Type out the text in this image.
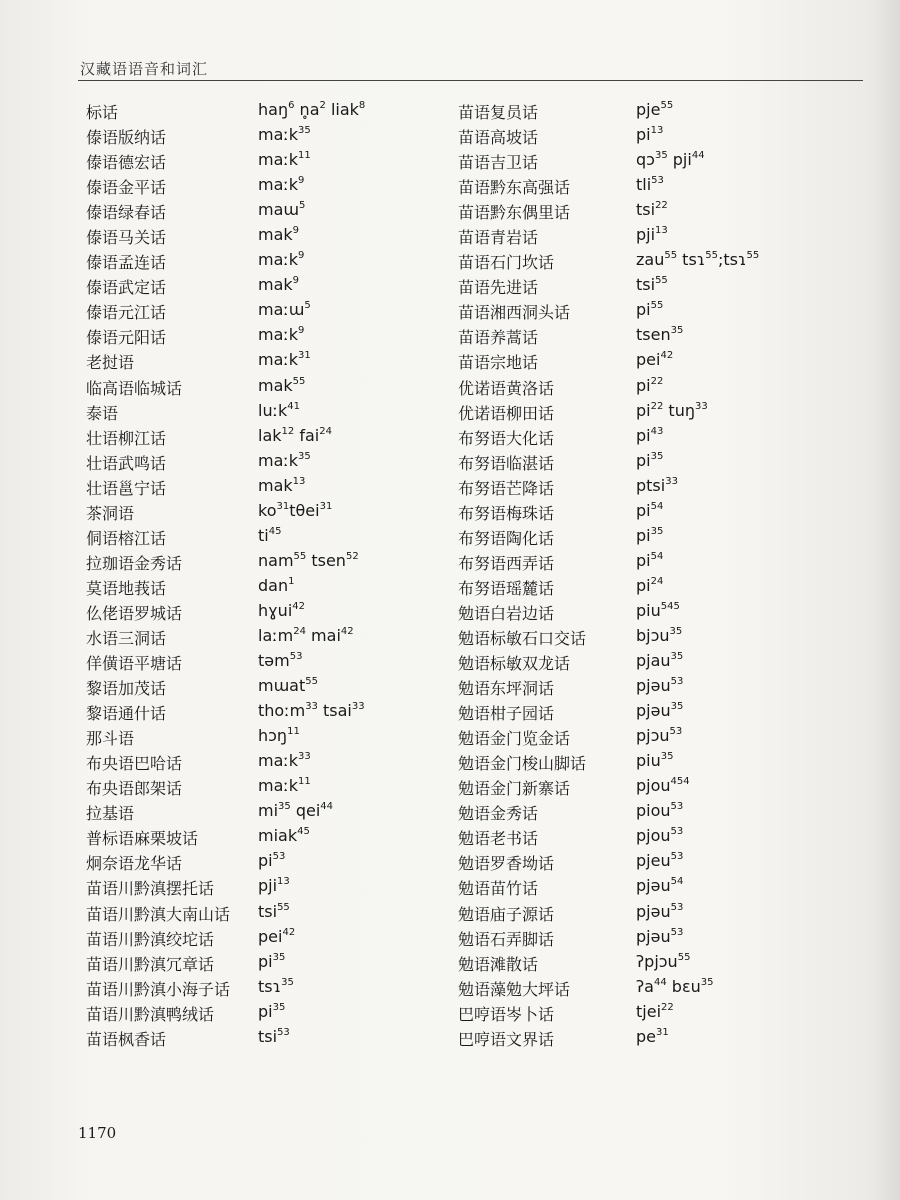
汉藏语语音和词汇
标话	haŋ$^6$ $n̥a^2$ liak$^8$
傣语版纳话	maːk$^{35}$
傣语德宏话	maːk$^{11}$
傣语金平话	maːk$^9$
傣语绿春话	maɯ$^5$
傣语马关话	mak$^9$
傣语孟连话	maːk$^9$
傣语武定话	mak$^9$
傣语元江话	maːɯ$^5$
傣语元阳话	maːk$^9$
老挝语	maːk$^{31}$
临高语临城话	mak$^{55}$
泰语	luːk$^{41}$
壮语柳江话	lak$^{12}$ fai$^{24}$
壮语武鸣话	maːk$^{35}$
壮语邕宁话	mak$^{13}$
茶洞语	$ko^{31}t\theta ei^{31}$
侗语榕江话	$ti^{45}$
拉珈语金秀话	nam$^{55}$ tsen$^{52}$
莫语地莪话	dan$^1$
仫佬语罗城话	hɣui$^{42}$
水语三洞话	laːm$^{24}$ mai$^{42}$
佯僙语平塘话	təm$^{53}$
黎语加茂话	mɯat$^{55}$
黎语通什话	thoːm$^{33}$ tsai$^{33}$
那斗语	hɔŋ$^{11}$
布央语巴哈话	maːk$^{33}$
布央语郎架话	maːk$^{11}$
拉基语	$mi^{35}$ qei$^{44}$
普标语麻栗坡话	miak$^{45}$
炯奈语龙华话	$pi^{53}$
苗语川黔滇摆托话	pji$^{13}$
苗语川黔滇大南山话 tsi$^{55}$
苗语川黔滇绞坨话	pei$^{42}$
苗语川黔滇冗章话	$pi^{35}$
苗语川黔滇小海子话 tsɿ$^{35}$
苗语川黔滇鸭绒话	$pi^{35}$
苗语枫香话	tsi$^{53}$
苗语复员话	pje$^{55}$
苗语高坡话	$pi^{13}$
苗语吉卫话	qɔ$^{35}$ pji$^{44}$
苗语黔东高强话	tli$^{53}$
苗语黔东偶里话	tsi$^{22}$
苗语青岩话	pji$^{13}$
苗语石门坎话	zau$^{55}$ tsɿ$^{55}$;tsɿ$^{55}$
苗语先进话	tsi$^{55}$
苗语湘西洞头话	$pi^{55}$
苗语养蒿话	tsen$^{35}$
苗语宗地话	pei$^{42}$
优诺语黄洛话	$pi^{22}$
优诺语柳田话	$pi^{22}$ tuŋ$^{33}$
布努语大化话	$pi^{43}$
布努语临湛话	$pi^{35}$
布努语芒降话	ptsi$^{33}$
布努语梅珠话	$pi^{54}$
布努语陶化话	$pi^{35}$
布努语西弄话	$pi^{54}$
布努语瑶麓话	$pi^{24}$
勉语白岩边话	piu$^{545}$
勉语标敏石口交话	bjɔu$^{35}$
勉语标敏双龙话	pjau$^{35}$
勉语东坪洞话	pjəu$^{53}$
勉语柑子园话	pjəu$^{35}$
勉语金门览金话	pjɔu$^{53}$
勉语金门梭山脚话	piu$^{35}$
勉语金门新寨话	pjou$^{454}$
勉语金秀话	piou$^{53}$
勉语老书话	pjou$^{53}$
勉语罗香坳话	pjeu$^{53}$
勉语苗竹话	pjəu$^{54}$
勉语庙子源话	pjəu$^{53}$
勉语石弄脚话	pjəu$^{53}$
勉语滩散话	ʔpjɔu$^{55}$
勉语藻勉大坪话	ʔa$^{44}$ bɛu$^{35}$
巴哼语岑卜话	tjei$^{22}$
巴哼语文界话	$pe^{31}$
1170
